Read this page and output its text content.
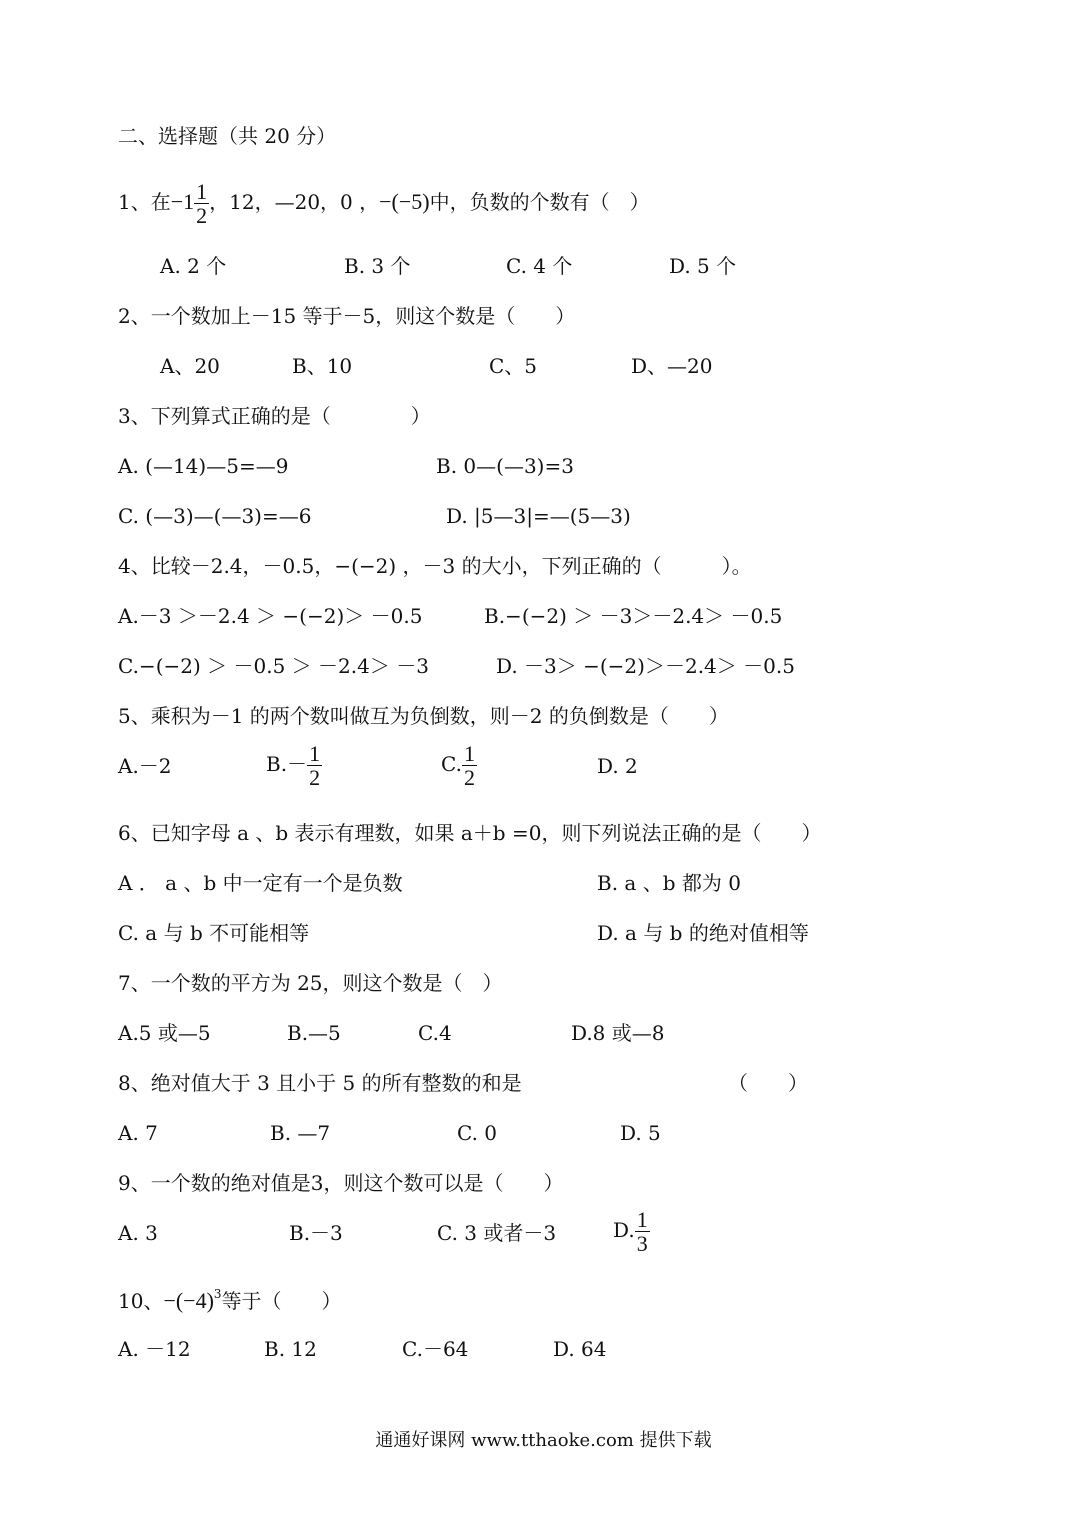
二、选择题（共 20 分）
1、在$-1 \frac{1}{2}$ ，12，—20，0 ，−(−5)中，负数的个数有（　）
A. 2 个	B. 3 个	C. 4 个	D. 5 个
2、一个数加上－15 等于－5，则这个数是（　　）
A、20	B、10	C、5	D、—20
3、下列算式正确的是（　　　　）
A. (—14)—5=—9	B. 0—(—3)=3
C. (—3)—(—3)=—6	D. |5—3|=—(5—3)
4、比较－2.4，－0.5，−(−2) ，－3 的大小，下列正确的（　　　）。
A.－3 ＞－2.4 ＞ −(−2)＞ －0.5	B.−(−2) ＞ －3＞－2.4＞ －0.5
C.−(−2) ＞ －0.5 ＞ －2.4＞ －3	D. －3＞ −(−2)＞－2.4＞ －0.5
5、乘积为－1 的两个数叫做互为负倒数，则－2 的负倒数是（　　）
A.－2	$B.- \frac{1}{2}$	C. $\frac{1}{2}$	D. 2
6、已知字母 a 、b 表示有理数，如果 a＋b =0，则下列说法正确的是（　　）
A ． a 、b 中一定有一个是负数	B. a 、b 都为 0
C. a 与 b 不可能相等	D. a 与 b 的绝对值相等
7、一个数的平方为 25，则这个数是（　）
A.5 或—5	B.—5	C.4	D.8 或—8
8、绝对值大于 3 且小于 5 的所有整数的和是	（　　）
A. 7	B. —7	C. 0	D. 5
9、一个数的绝对值是3，则这个数可以是（　　）
A. 3	B.－3	C. 3 或者－3	D. $\frac{1}{3}$
10、$-(-4)^3$等于（　　）
A. －12	B. 12	C.－64	D. 64
通通好课网 www.tthaoke.com 提供下载
